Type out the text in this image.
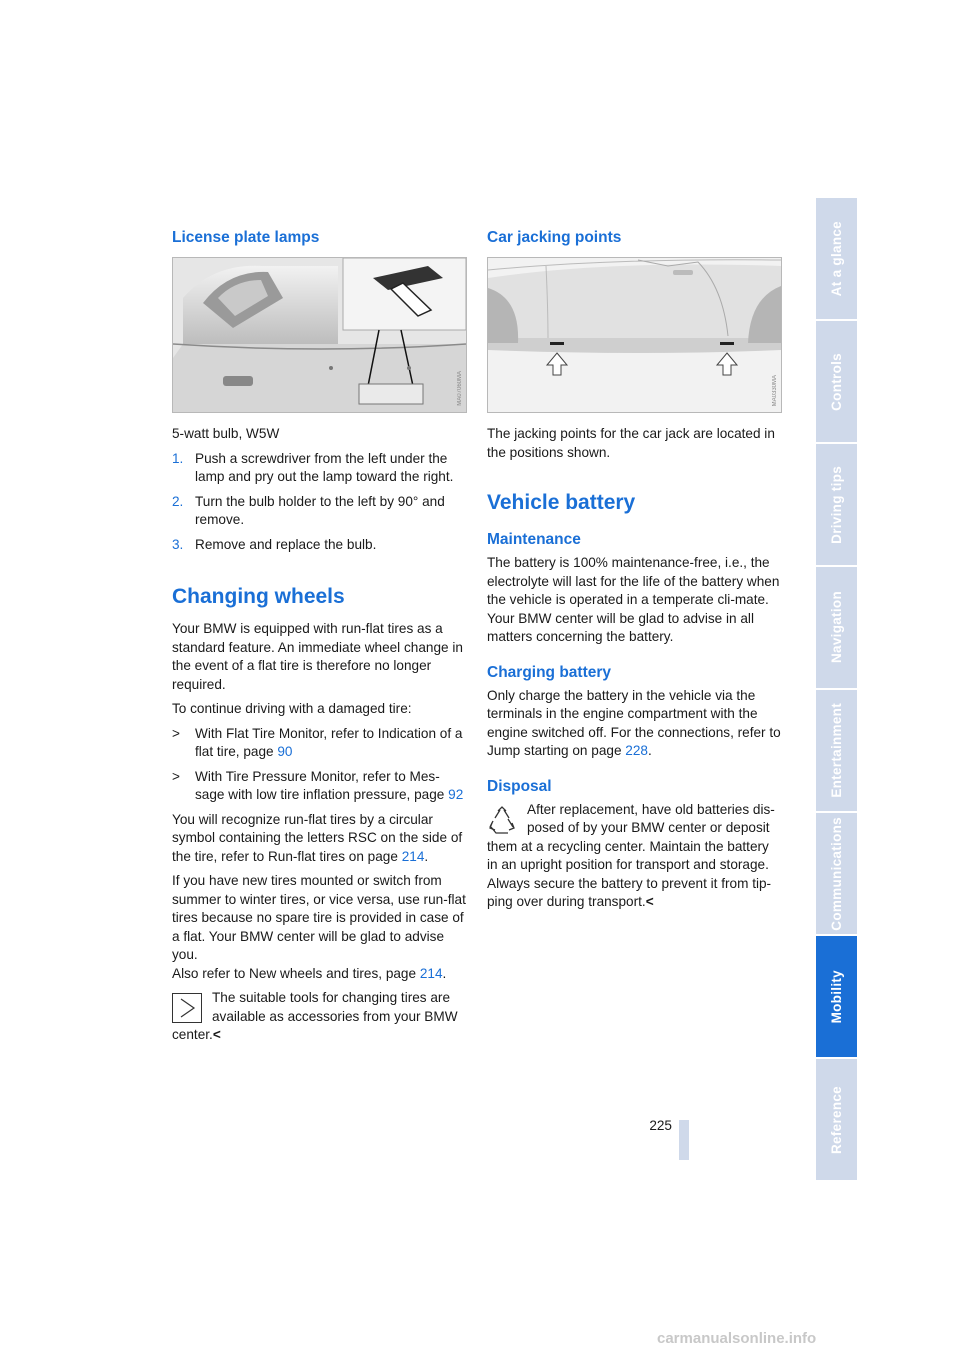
License plate lamps
MA07060MA

5-watt bulb, W5W

1. Push a screwdriver from the left under the lamp and pry out the lamp toward the right.
2. Turn the bulb holder to the left by 90° and remove.
3. Remove and replace the bulb.
Changing wheels

Your BMW is equipped with run-flat tires as a standard feature. An immediate wheel change in the event of a flat tire is therefore no longer required.

To continue driving with a damaged tire:

> With Flat Tire Monitor, refer to Indication of a flat tire, page 90
> With Tire Pressure Monitor, refer to Mes-sage with low tire inflation pressure, page 92

You will recognize run-flat tires by a circular symbol containing the letters RSC on the side of the tire, refer to Run-flat tires on page 214.

If you have new tires mounted or switch from summer to winter tires, or vice versa, use run-flat tires because no spare tire is provided in case of a flat. Your BMW center will be glad to advise you.

Also refer to New wheels and tires, page 214.

The suitable tools for changing tires are available as accessories from your BMW center.<

Car jacking points
MA0330MA

The jacking points for the car jack are located in the positions shown.

Vehicle battery
Maintenance

The battery is 100% maintenance-free, i.e., the electrolyte will last for the life of the battery when the vehicle is operated in a temperate cli-mate.

Your BMW center will be glad to advise in all matters concerning the battery.

Charging battery

Only charge the battery in the vehicle via the terminals in the engine compartment with the engine switched off. For the connections, refer to Jump starting on page 228.

Disposal

After replacement, have old batteries dis-posed of by your BMW center or deposit them at a recycling center. Maintain the battery in an upright position for transport and storage. Always secure the battery to prevent it from tip-ping over during transport.<

At a glance
Controls
Driving tips
Navigation
Entertainment
Communications
Mobility
Reference
225
carmanualsonline.info
